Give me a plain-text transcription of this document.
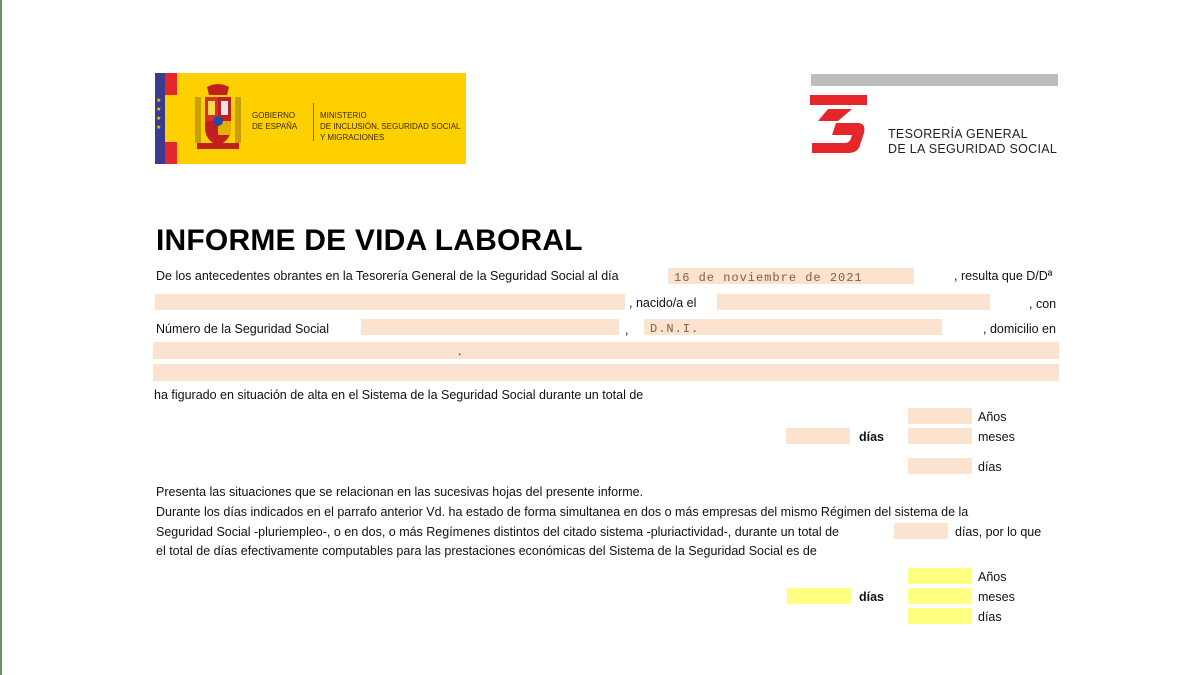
★
★
★
★
GOBIERNO
DE ESPAÑA
MINISTERIO
DE INCLUSIÓN, SEGURIDAD SOCIAL
Y MIGRACIONES	TESORERÍA GENERAL
DE LA SEGURIDAD SOCIAL
INFORME DE VIDA LABORAL
De los antecedentes obrantes en la Tesorería General de la Seguridad Social al día	16 de noviembre de 2021	, resulta que D/Dª
, nacido/a el	, con
Número de la Seguridad Social	,	D.N.I.	, domicilio en
.
ha figurado en situación de alta en el Sistema de la Seguridad Social durante un total de
Años
días	meses
días
Presenta las situaciones que se relacionan en las sucesivas hojas del presente informe.
Durante los días indicados en el parrafo anterior Vd. ha estado de forma simultanea en dos o más empresas del mismo Régimen del sistema de la
Seguridad Social -pluriempleo-, o en dos, o más Regímenes distintos del citado sistema -pluriactividad-, durante un total de	días, por lo que
el total de días efectivamente computables para las prestaciones económicas del Sistema de la Seguridad Social es de
Años
días	meses
días
